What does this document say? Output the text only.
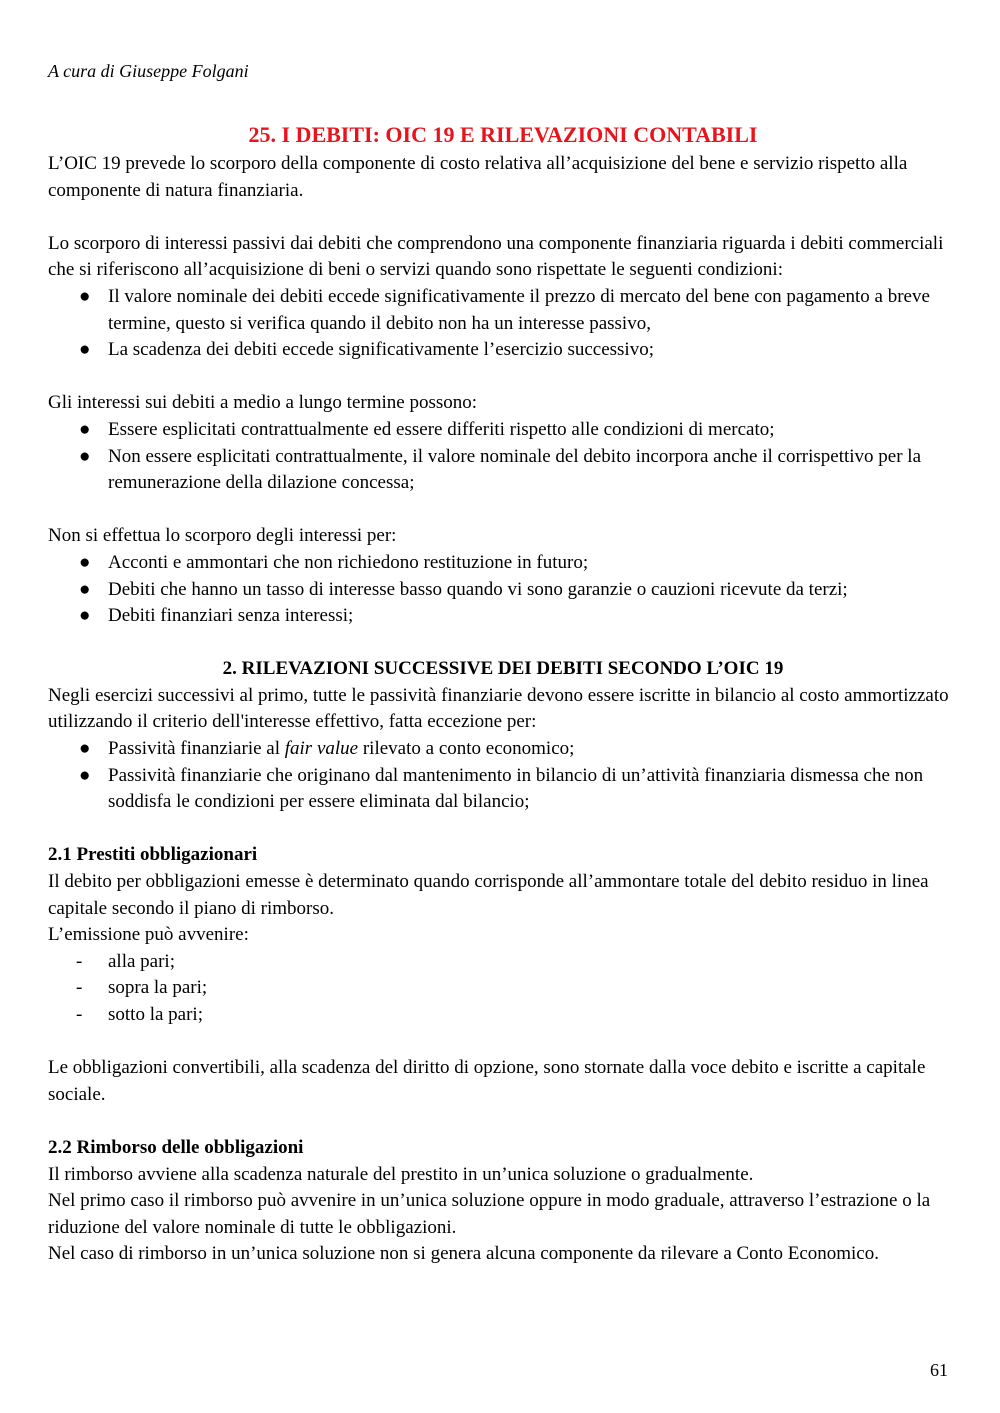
A cura di Giuseppe Folgani
25. I DEBITI: OIC 19 E RILEVAZIONI CONTABILI

L’OIC 19 prevede lo scorporo della componente di costo relativa all’acquisizione del bene e servizio rispetto alla componente di natura finanziaria.

Lo scorporo di interessi passivi dai debiti che comprendono una componente finanziaria riguarda i debiti commerciali che si riferiscono all’acquisizione di beni o servizi quando sono rispettate le seguenti condizioni:

● Il valore nominale dei debiti eccede significativamente il prezzo di mercato del bene con pagamento a breve termine, questo si verifica quando il debito non ha un interesse passivo,
● La scadenza dei debiti eccede significativamente l’esercizio successivo;

Gli interessi sui debiti a medio a lungo termine possono:

● Essere esplicitati contrattualmente ed essere differiti rispetto alle condizioni di mercato;
● Non essere esplicitati contrattualmente, il valore nominale del debito incorpora anche il corrispettivo per la remunerazione della dilazione concessa;

Non si effettua lo scorporo degli interessi per:

● Acconti e ammontari che non richiedono restituzione in futuro;
● Debiti che hanno un tasso di interesse basso quando vi sono garanzie o cauzioni ricevute da terzi;
● Debiti finanziari senza interessi;

2. RILEVAZIONI SUCCESSIVE DEI DEBITI SECONDO L’OIC 19

Negli esercizi successivi al primo, tutte le passività finanziarie devono essere iscritte in bilancio al costo ammortizzato utilizzando il criterio dell'interesse effettivo, fatta eccezione per:

● Passività finanziarie al fair value rilevato a conto economico;
● Passività finanziarie che originano dal mantenimento in bilancio di un’attività finanziaria dismessa che non soddisfa le condizioni per essere eliminata dal bilancio;

2.1 Prestiti obbligazionari

Il debito per obbligazioni emesse è determinato quando corrisponde all’ammontare totale del debito residuo in linea capitale secondo il piano di rimborso.

L’emissione può avvenire:

- alla pari;
- sopra la pari;
- sotto la pari;

Le obbligazioni convertibili, alla scadenza del diritto di opzione, sono stornate dalla voce debito e iscritte a capitale sociale.

2.2 Rimborso delle obbligazioni

Il rimborso avviene alla scadenza naturale del prestito in un’unica soluzione o gradualmente.

Nel primo caso il rimborso può avvenire in un’unica soluzione oppure in modo graduale, attraverso l’estrazione o la riduzione del valore nominale di tutte le obbligazioni.

Nel caso di rimborso in un’unica soluzione non si genera alcuna componente da rilevare a Conto Economico.

61
